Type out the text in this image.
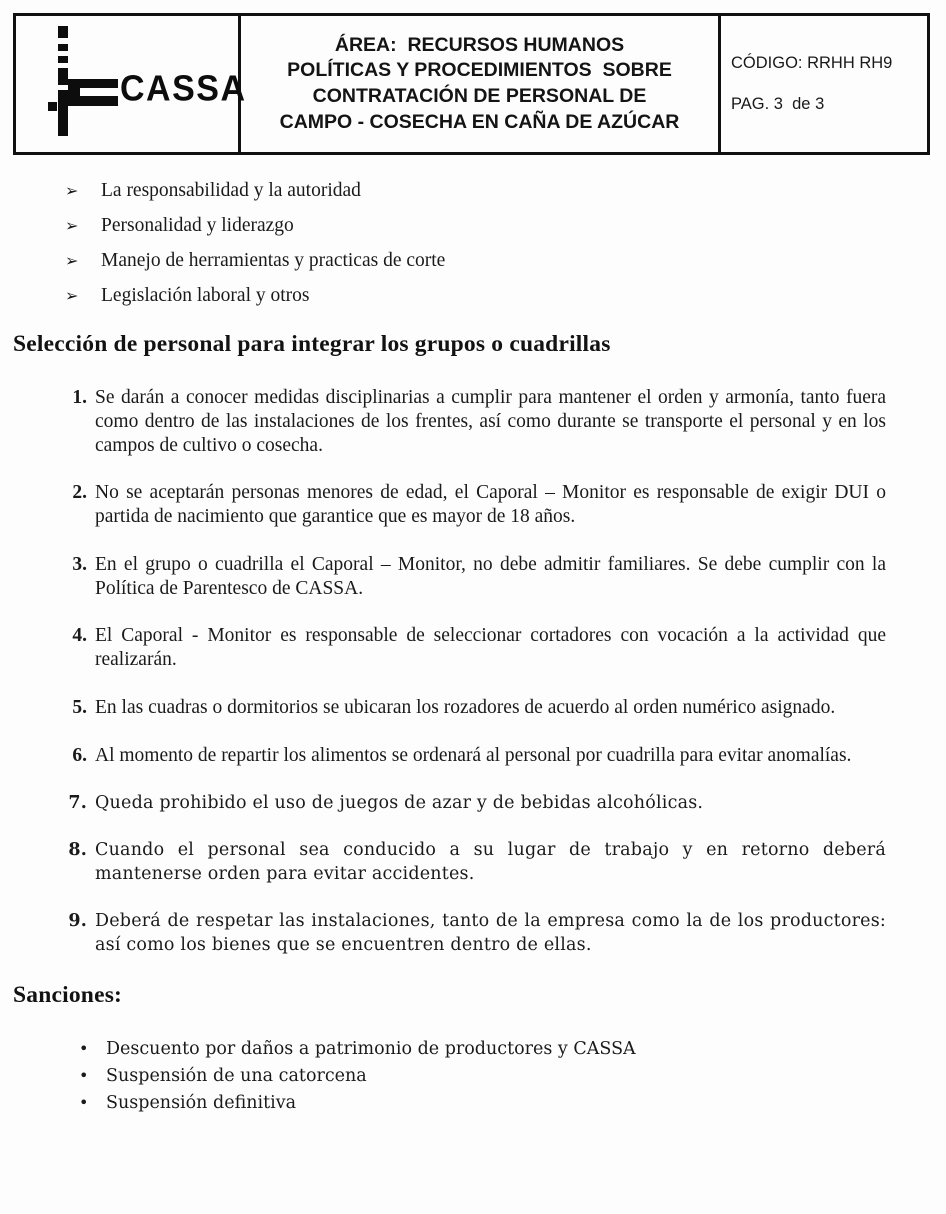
CASSA
ÁREA:  RECURSOS HUMANOS
POLÍTICAS Y PROCEDIMIENTOS  SOBRE
CONTRATACIÓN DE PERSONAL DE
CAMPO - COSECHA EN CAÑA DE AZÚCAR
CÓDIGO: RRHH RH9
PAG. 3  de 3
➢	La responsabilidad y la autoridad
➢	Personalidad y liderazgo
➢	Manejo de herramientas y practicas de corte
➢	Legislación laboral y otros
Selección de personal para integrar los grupos o cuadrillas
Se darán a conocer medidas disciplinarias a cumplir para mantener el orden y armonía, tanto fuera como dentro de las instalaciones de los frentes, así como durante se transporte el personal y en los campos de cultivo o cosecha.
No se aceptarán personas menores de edad, el Caporal – Monitor es responsable de exigir DUI o partida de nacimiento que garantice que es mayor de 18 años.
En el grupo o cuadrilla el Caporal – Monitor, no debe admitir familiares. Se debe cumplir con la Política de Parentesco de CASSA.
El Caporal - Monitor es responsable de seleccionar cortadores con vocación a la actividad que realizarán.
En las cuadras o dormitorios se ubicaran los rozadores de acuerdo al orden numérico asignado.
Al momento de repartir los alimentos se ordenará al personal por cuadrilla para evitar anomalías.
Queda prohibido el uso de juegos de azar y de bebidas alcohólicas.
Cuando el personal sea conducido a su lugar de trabajo y en retorno deberá mantenerse orden para evitar accidentes.
Deberá de respetar las instalaciones, tanto de la empresa como la de los productores: así como los bienes que se encuentren dentro de ellas.
Sanciones:
•	Descuento por daños a patrimonio de productores y CASSA
•	Suspensión de una catorcena
•	Suspensión definitiva
